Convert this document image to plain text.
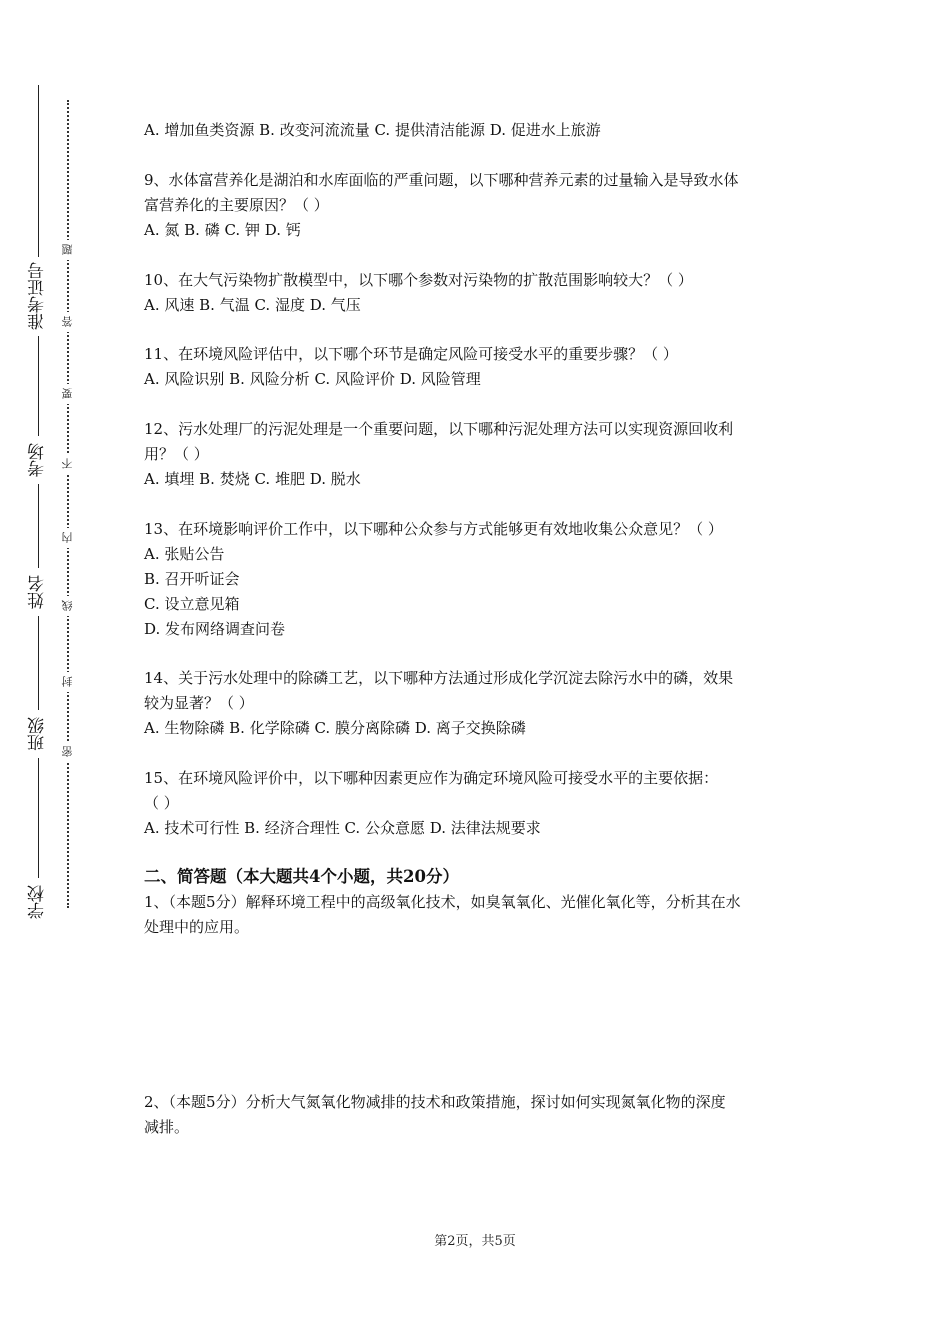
准考证号
考场
姓名
班级
学校
密
封
线
内
不
要
答
题
A. 增加鱼类资源 B. 改变河流流量 C. 提供清洁能源 D. 促进水上旅游
9、水体富营养化是湖泊和水库面临的严重问题，以下哪种营养元素的过量输入是导致水体
富营养化的主要原因？（ ）
A. 氮 B. 磷 C. 钾 D. 钙
10、在大气污染物扩散模型中，以下哪个参数对污染物的扩散范围影响较大？（ ）
A. 风速 B. 气温 C. 湿度 D. 气压
11、在环境风险评估中，以下哪个环节是确定风险可接受水平的重要步骤？（ ）
A. 风险识别 B. 风险分析 C. 风险评价 D. 风险管理
12、污水处理厂的污泥处理是一个重要问题，以下哪种污泥处理方法可以实现资源回收利
用？（ ）
A. 填埋 B. 焚烧 C. 堆肥 D. 脱水
13、在环境影响评价工作中，以下哪种公众参与方式能够更有效地收集公众意见？（ ）
A. 张贴公告
B. 召开听证会
C. 设立意见箱
D. 发布网络调查问卷
14、关于污水处理中的除磷工艺，以下哪种方法通过形成化学沉淀去除污水中的磷，效果
较为显著？（ ）
A. 生物除磷 B. 化学除磷 C. 膜分离除磷 D. 离子交换除磷
15、在环境风险评价中，以下哪种因素更应作为确定环境风险可接受水平的主要依据：
（ ）
A. 技术可行性 B. 经济合理性 C. 公众意愿 D. 法律法规要求
二、简答题（本大题共4个小题，共20分）
1、（本题5分）解释环境工程中的高级氧化技术，如臭氧氧化、光催化氧化等，分析其在水
处理中的应用。
2、（本题5分）分析大气氮氧化物减排的技术和政策措施，探讨如何实现氮氧化物的深度
减排。
第2页，共5页
